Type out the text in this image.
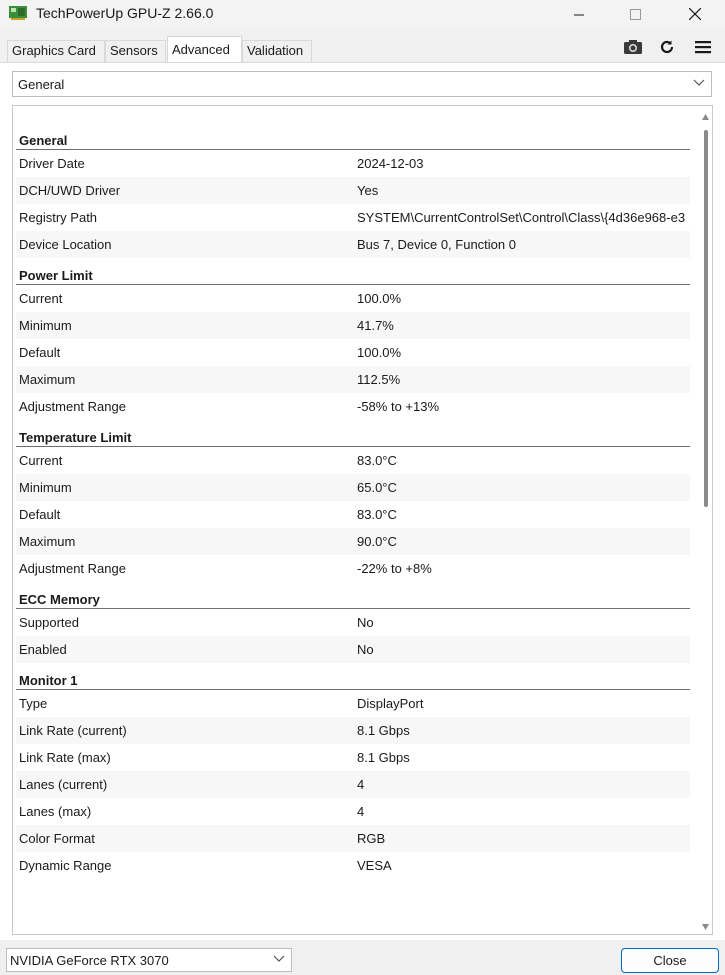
TechPowerUp GPU-Z 2.66.0
Graphics Card	Sensors	Advanced	Validation
General
General
Driver Date	2024-12-03
DCH/UWD Driver	Yes
Registry Path	SYSTEM\CurrentControlSet\Control\Class\{4d36e968-e3
Device Location	Bus 7, Device 0, Function 0
Power Limit
Current	100.0%
Minimum	41.7%
Default	100.0%
Maximum	112.5%
Adjustment Range	-58% to +13%
Temperature Limit
Current	83.0°C
Minimum	65.0°C
Default	83.0°C
Maximum	90.0°C
Adjustment Range	-22% to +8%
ECC Memory
Supported	No
Enabled	No
Monitor 1
Type	DisplayPort
Link Rate (current)	8.1 Gbps
Link Rate (max)	8.1 Gbps
Lanes (current)	4
Lanes (max)	4
Color Format	RGB
Dynamic Range	VESA
NVIDIA GeForce RTX 3070	Close
